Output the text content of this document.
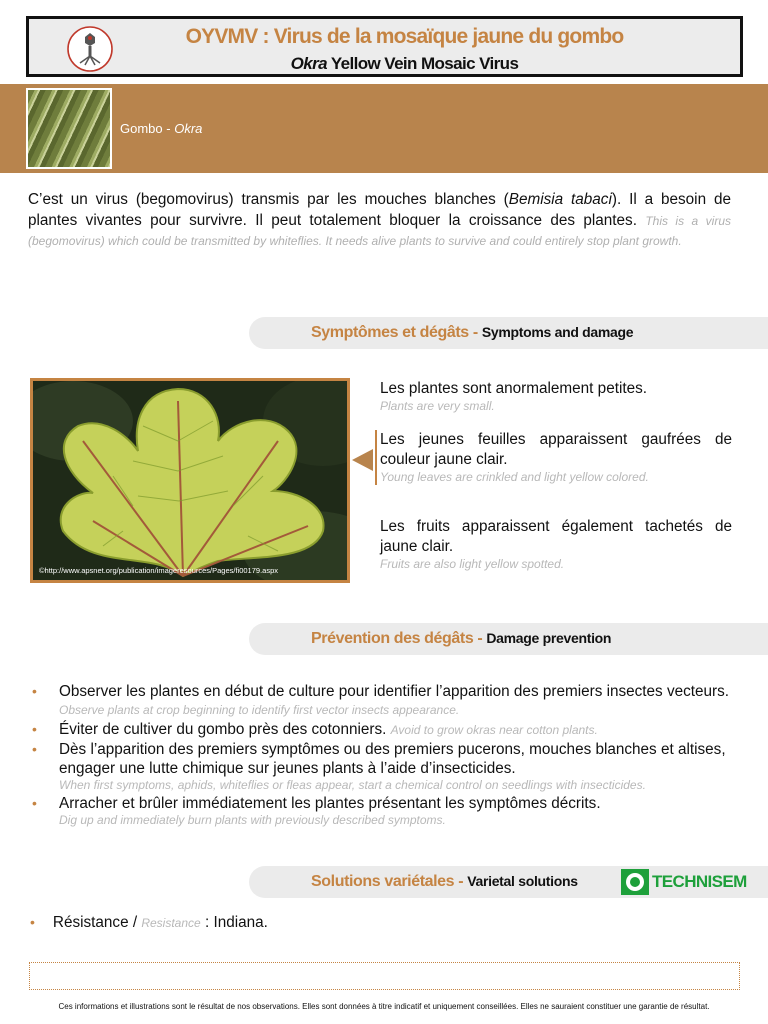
OYVMV : Virus de la mosaïque jaune du gombo
Okra Yellow Vein Mosaic Virus
Gombo - Okra

C’est un virus (begomovirus) transmis par les mouches blanches (Bemisia tabaci). Il a besoin de plantes vivantes pour survivre. Il peut totalement bloquer la croissance des plantes. This is a virus (begomovirus) which could be transmitted by whiteflies. It needs alive plants to survive and could entirely stop plant growth.

Symptômes et dégâts - Symptoms and damage
©http://www.apsnet.org/publication/imageresources/Pages/fi00179.aspx
Les plantes sont anormalement petites.
Plants are very small.
Les jeunes feuilles apparaissent gaufrées de couleur jaune clair.
Young leaves are crinkled and light yellow colored.
Les fruits apparaissent également tachetés de jaune clair.
Fruits are also light yellow spotted.
Prévention des dégâts - Damage prevention
• Observer les plantes en début de culture pour identifier l’apparition des premiers insectes vecteurs. Observe plants at crop beginning to identify first vector insects appearance.
• Éviter de cultiver du gombo près des cotonniers. Avoid to grow okras near cotton plants.
• Dès l’apparition des premiers symptômes ou des premiers pucerons, mouches blanches et altises, engager une lutte chimique sur jeunes plants à l’aide d’insecticides.
When first symptoms, aphids, whiteflies or fleas appear, start a chemical control on seedlings with insecticides.
• Arracher et brûler immédiatement les plantes présentant les symptômes décrits.
Dig up and immediately burn plants with previously described symptoms.
Solutions variétales - Varietal solutions	TECHNISEM
• Résistance / Resistance : Indiana.
Ces informations et illustrations sont le résultat de nos observations. Elles sont données à titre indicatif et uniquement conseillées. Elles ne sauraient constituer une garantie de résultat.
